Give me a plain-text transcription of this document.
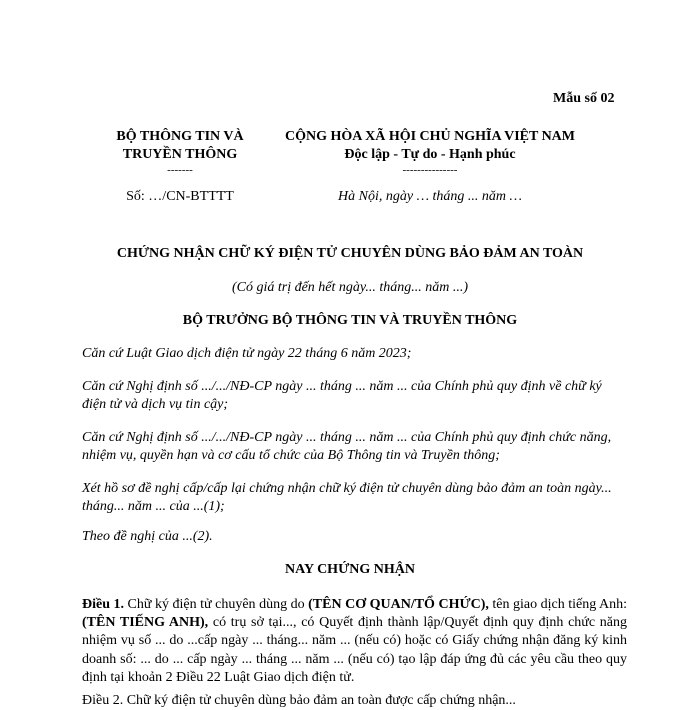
Mẫu số 02
BỘ THÔNG TIN VÀ
TRUYỀN THÔNG
-------
CỘNG HÒA XÃ HỘI CHỦ NGHĨA VIỆT NAM
Độc lập - Tự do - Hạnh phúc
---------------
Số: …/CN-BTTTT	Hà Nội, ngày … tháng ... năm …
CHỨNG NHẬN CHỮ KÝ ĐIỆN TỬ CHUYÊN DÙNG BẢO ĐẢM AN TOÀN
(Có giá trị đến hết ngày... tháng... năm ...)
BỘ TRƯỞNG BỘ THÔNG TIN VÀ TRUYỀN THÔNG

Căn cứ Luật Giao dịch điện tử ngày 22 tháng 6 năm 2023;

Căn cứ Nghị định số .../.../NĐ-CP ngày ... tháng ... năm ... của Chính phủ quy định về chữ ký điện tử và dịch vụ tin cậy;

Căn cứ Nghị định số .../.../NĐ-CP ngày ... tháng ... năm ... của Chính phủ quy định chức năng, nhiệm vụ, quyền hạn và cơ cấu tổ chức của Bộ Thông tin và Truyền thông;

Xét hồ sơ đề nghị cấp/cấp lại chứng nhận chữ ký điện tử chuyên dùng bảo đảm an toàn ngày... tháng... năm ... của ...(1);

Theo đề nghị của ...(2).

NAY CHỨNG NHẬN

Điều 1. Chữ ký điện tử chuyên dùng do (TÊN CƠ QUAN/TỔ CHỨC), tên giao dịch tiếng Anh: (TÊN TIẾNG ANH), có trụ sở tại..., có Quyết định thành lập/Quyết định quy định chức năng nhiệm vụ số ... do ...cấp ngày ... tháng... năm ... (nếu có) hoặc có Giấy chứng nhận đăng ký kinh doanh số: ... do ... cấp ngày ... tháng ... năm ... (nếu có) tạo lập đáp ứng đủ các yêu cầu theo quy định tại khoản 2 Điều 22 Luật Giao dịch điện tử.

Điều 2. Chữ ký điện tử chuyên dùng bảo đảm an toàn được cấp chứng nhận...
